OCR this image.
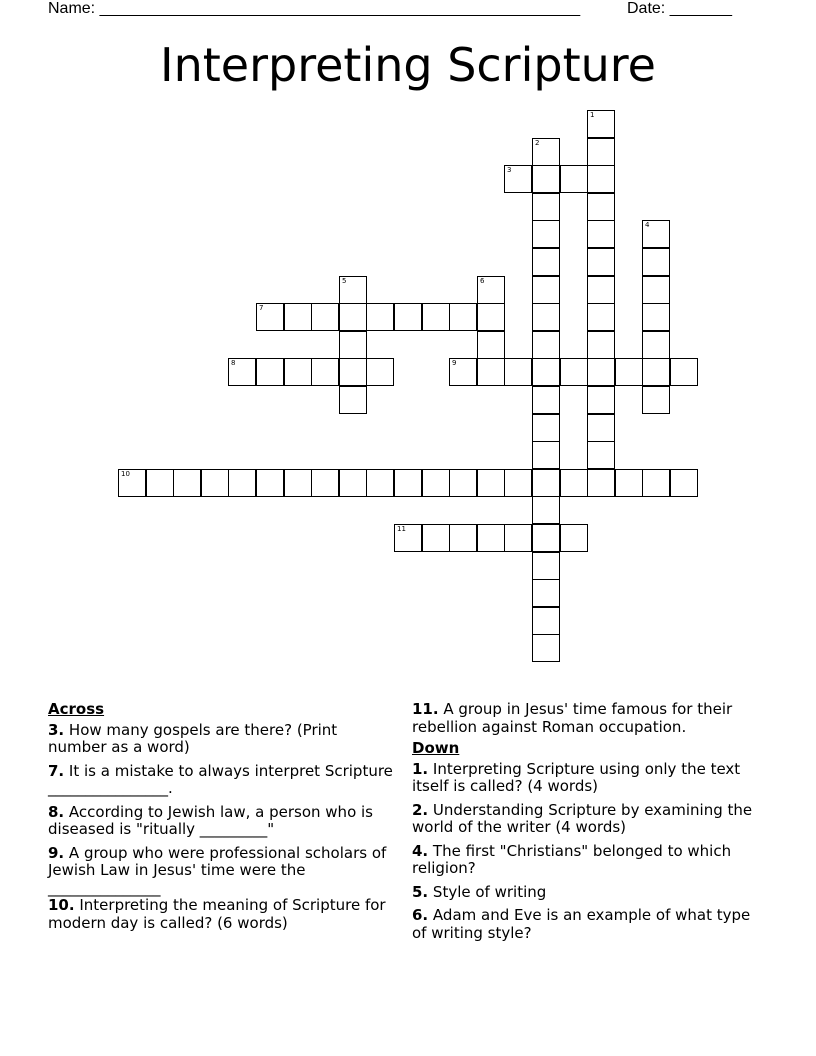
Name: ______________________________________________________	Date: _______
Interpreting Scripture
1
2
3
4
5	6
7
8	9
10
11
Across
3. How many gospels are there? (Print number as a word)
7. It is a mistake to always interpret Scripture ________________.
8. According to Jewish law, a person who is diseased is "ritually _________"
9. A group who were professional scholars of Jewish Law in Jesus' time were the _______________
10. Interpreting the meaning of Scripture for modern day is called? (6 words)
11. A group in Jesus' time famous for their rebellion against Roman occupation.
Down
1. Interpreting Scripture using only the text itself is called? (4 words)
2. Understanding Scripture by examining the world of the writer (4 words)
4. The first "Christians" belonged to which religion?
5. Style of writing
6. Adam and Eve is an example of what type of writing style?
